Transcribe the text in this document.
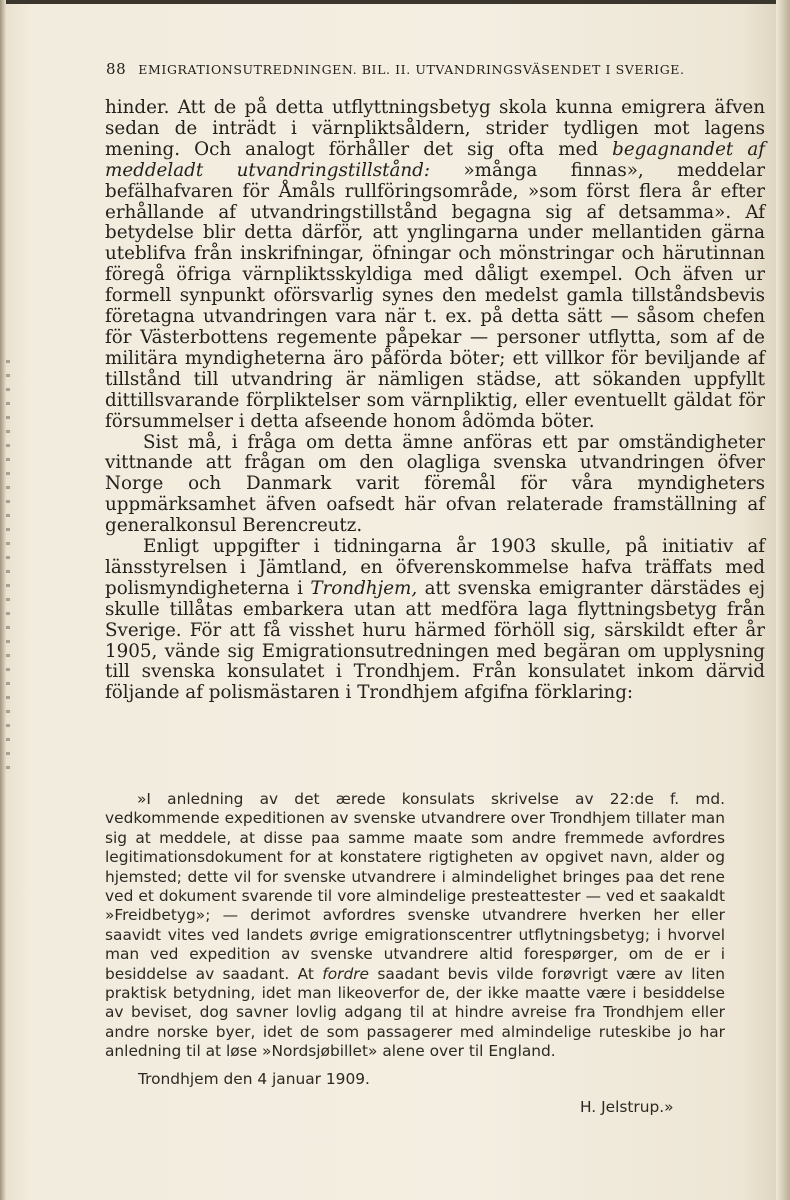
88 EMIGRATIONSUTREDNINGEN. BIL. II. UTVANDRINGSVÄSENDET I SVERIGE.

hinder. Att de på detta utflyttningsbetyg skola kunna emigrera äfven sedan de inträdt i värnpliktsåldern, strider tydligen mot lagens mening. Och analogt förhåller det sig ofta med begagnandet af meddeladt utvandringstillstånd: »många finnas», meddelar befälhafvaren för Åmåls rullföringsområde, »som först flera år efter erhållande af utvandringstillstånd begagna sig af detsamma». Af betydelse blir detta därför, att ynglingarna under mellantiden gärna uteblifva från inskrifningar, öfningar och mönstringar och härutinnan föregå öfriga värnpliktsskyldiga med dåligt exempel. Och äfven ur formell synpunkt oförsvarlig synes den medelst gamla tillståndsbevis företagna utvandringen vara när t. ex. på detta sätt — såsom chefen för Västerbottens regemente påpekar — personer utflytta, som af de militära myndigheterna äro påförda böter; ett villkor för beviljande af tillstånd till utvandring är nämligen städse, att sökanden uppfyllt dittillsvarande förpliktelser som värnpliktig, eller eventuellt gäldat för försummelser i detta afseende honom ådömda böter.

Sist må, i fråga om detta ämne anföras ett par omständigheter vittnande att frågan om den olagliga svenska utvandringen öfver Norge och Danmark varit föremål för våra myndigheters uppmärksamhet äfven oafsedt här ofvan relaterade framställning af generalkonsul Berencreutz.

Enligt uppgifter i tidningarna år 1903 skulle, på initiativ af länsstyrelsen i Jämtland, en öfverenskommelse hafva träffats med polismyndigheterna i Trondhjem, att svenska emigranter därstädes ej skulle tillåtas embarkera utan att medföra laga flyttningsbetyg från Sverige. För att få visshet huru härmed förhöll sig, särskildt efter år 1905, vände sig Emigrationsutredningen med begäran om upplysning till svenska konsulatet i Trondhjem. Från konsulatet inkom därvid följande af polismästaren i Trondhjem afgifna förklaring:

»I anledning av det ærede konsulats skrivelse av 22:de f. md. vedkommende expeditionen av svenske utvandrere over Trondhjem tillater man sig at meddele, at disse paa samme maate som andre fremmede avfordres legitimationsdokument for at konstatere rigtigheten av opgivet navn, alder og hjemsted; dette vil for svenske utvandrere i almindelighet bringes paa det rene ved et dokument svarende til vore almindelige presteattester — ved et saakaldt »Freidbetyg»; — derimot avfordres svenske utvandrere hverken her eller saavidt vites ved landets øvrige emigrationscentrer utflytningsbetyg; i hvorvel man ved expedition av svenske utvandrere altid forespørger, om de er i besiddelse av saadant. At fordre saadant bevis vilde forøvrigt være av liten praktisk betydning, idet man likeoverfor de, der ikke maatte være i besiddelse av beviset, dog savner lovlig adgang til at hindre avreise fra Trondhjem eller andre norske byer, idet de som passagerer med almindelige ruteskibe jo har anledning til at løse »Nordsjøbillet» alene over til England.

Trondhjem den 4 januar 1909.
H. Jelstrup.»
